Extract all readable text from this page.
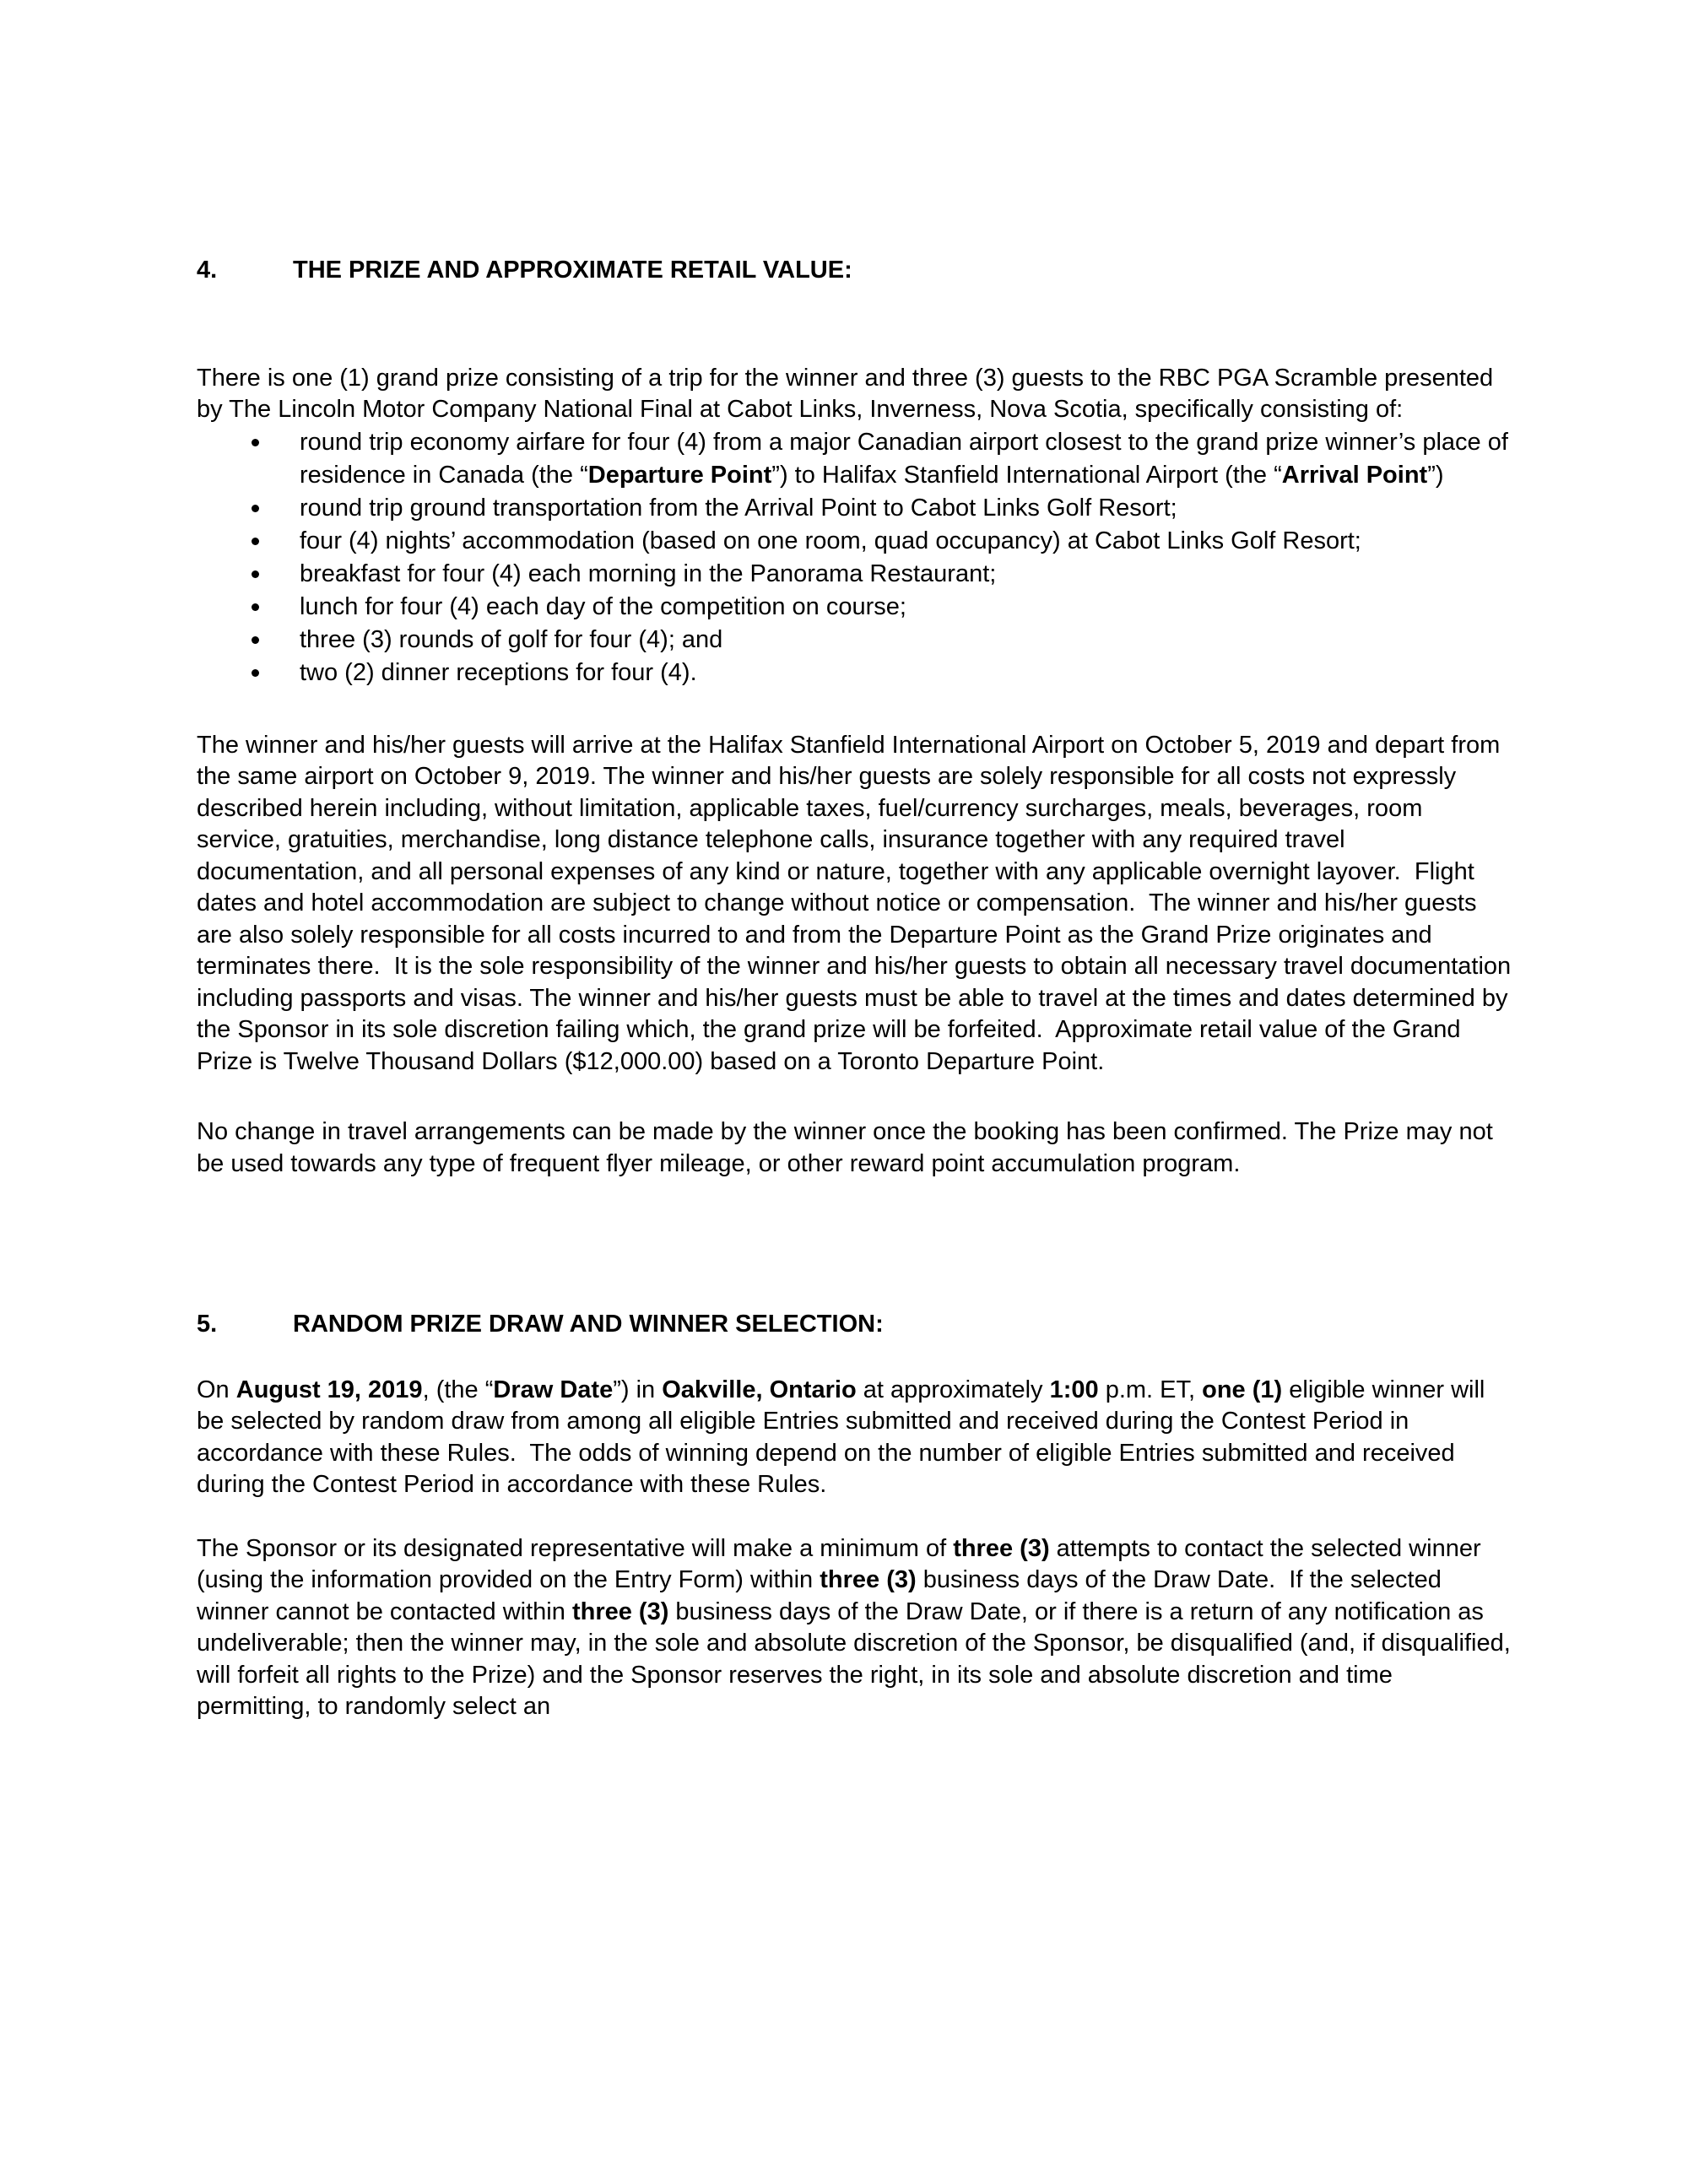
4.	THE PRIZE AND APPROXIMATE RETAIL VALUE:

There is one (1) grand prize consisting of a trip for the winner and three (3) guests to the RBC PGA Scramble presented by The Lincoln Motor Company National Final at Cabot Links, Inverness, Nova Scotia, specifically consisting of:

round trip economy airfare for four (4) from a major Canadian airport closest to the grand prize winner’s place of residence in Canada (the “Departure Point”) to Halifax Stanfield International Airport (the “Arrival Point”)
round trip ground transportation from the Arrival Point to Cabot Links Golf Resort;
four (4) nights’ accommodation (based on one room, quad occupancy) at Cabot Links Golf Resort;
breakfast for four (4) each morning in the Panorama Restaurant;
lunch for four (4) each day of the competition on course;
three (3) rounds of golf for four (4); and
two (2) dinner receptions for four (4).

The winner and his/her guests will arrive at the Halifax Stanfield International Airport on October 5, 2019 and depart from the same airport on October 9, 2019. The winner and his/her guests are solely responsible for all costs not expressly described herein including, without limitation, applicable taxes, fuel/currency surcharges, meals, beverages, room service, gratuities, merchandise, long distance telephone calls, insurance together with any required travel documentation, and all personal expenses of any kind or nature, together with any applicable overnight layover.  Flight dates and hotel accommodation are subject to change without notice or compensation.  The winner and his/her guests are also solely responsible for all costs incurred to and from the Departure Point as the Grand Prize originates and terminates there.  It is the sole responsibility of the winner and his/her guests to obtain all necessary travel documentation including passports and visas. The winner and his/her guests must be able to travel at the times and dates determined by the Sponsor in its sole discretion failing which, the grand prize will be forfeited.  Approximate retail value of the Grand Prize is Twelve Thousand Dollars ($12,000.00) based on a Toronto Departure Point.

No change in travel arrangements can be made by the winner once the booking has been confirmed. The Prize may not be used towards any type of frequent flyer mileage, or other reward point accumulation program.

5.	RANDOM PRIZE DRAW AND WINNER SELECTION:

On August 19, 2019, (the “Draw Date”) in Oakville, Ontario at approximately 1:00 p.m. ET, one (1) eligible winner will be selected by random draw from among all eligible Entries submitted and received during the Contest Period in accordance with these Rules.  The odds of winning depend on the number of eligible Entries submitted and received during the Contest Period in accordance with these Rules.

The Sponsor or its designated representative will make a minimum of three (3) attempts to contact the selected winner (using the information provided on the Entry Form) within three (3) business days of the Draw Date.  If the selected winner cannot be contacted within three (3) business days of the Draw Date, or if there is a return of any notification as undeliverable; then the winner may, in the sole and absolute discretion of the Sponsor, be disqualified (and, if disqualified, will forfeit all rights to the Prize) and the Sponsor reserves the right, in its sole and absolute discretion and time permitting, to randomly select an
